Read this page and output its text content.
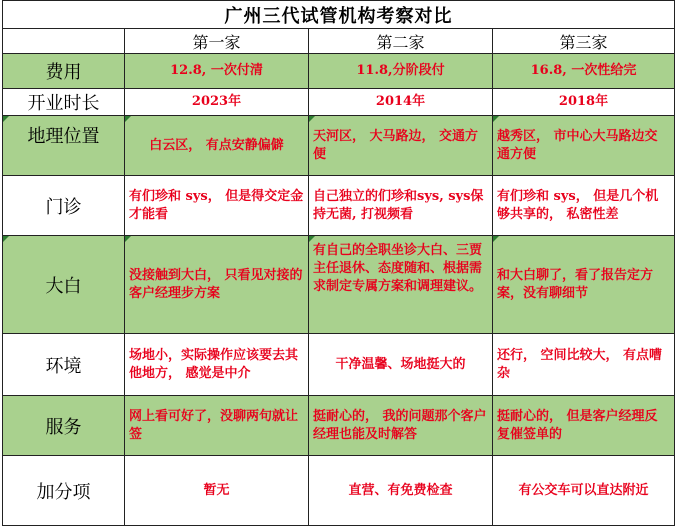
广州三代试管机构考察对比			
	第一家	第二家	第三家
费用	12.8, 一次付清	11.8,分阶段付	16.8, 一次性给完
开业时长	2023年	2014年	2018年
地理位置	白云区， 有点安静偏僻	天河区， 大马路边， 交通方便	越秀区， 市中心大马路边交通方便
门诊	有们珍和 sys， 但是得交定金才能看	自己独立的们珍和sys, sys保持无菌, 打视频看	有们珍和 sys， 但是几个机够共享的， 私密性差
大白	没接触到大白， 只看见对接的客户经理步方案	有自己的全职坐诊大白、三贾主任退休、态度随和、根据需求制定专属方案和调理建议。	和大白聊了，看了报告定方案，没有聊细节
环境	场地小，实际操作应该要去其他地方， 感觉是中介	干净温馨、场地挺大的	还行， 空间比较大， 有点嘈杂
服务	网上看可好了，没聊两句就让签	挺耐心的， 我的问题那个客户经理也能及时解答	挺耐心的， 但是客户经理反复催签单的
加分项	暂无	直营、有免费检查	有公交车可以直达附近
